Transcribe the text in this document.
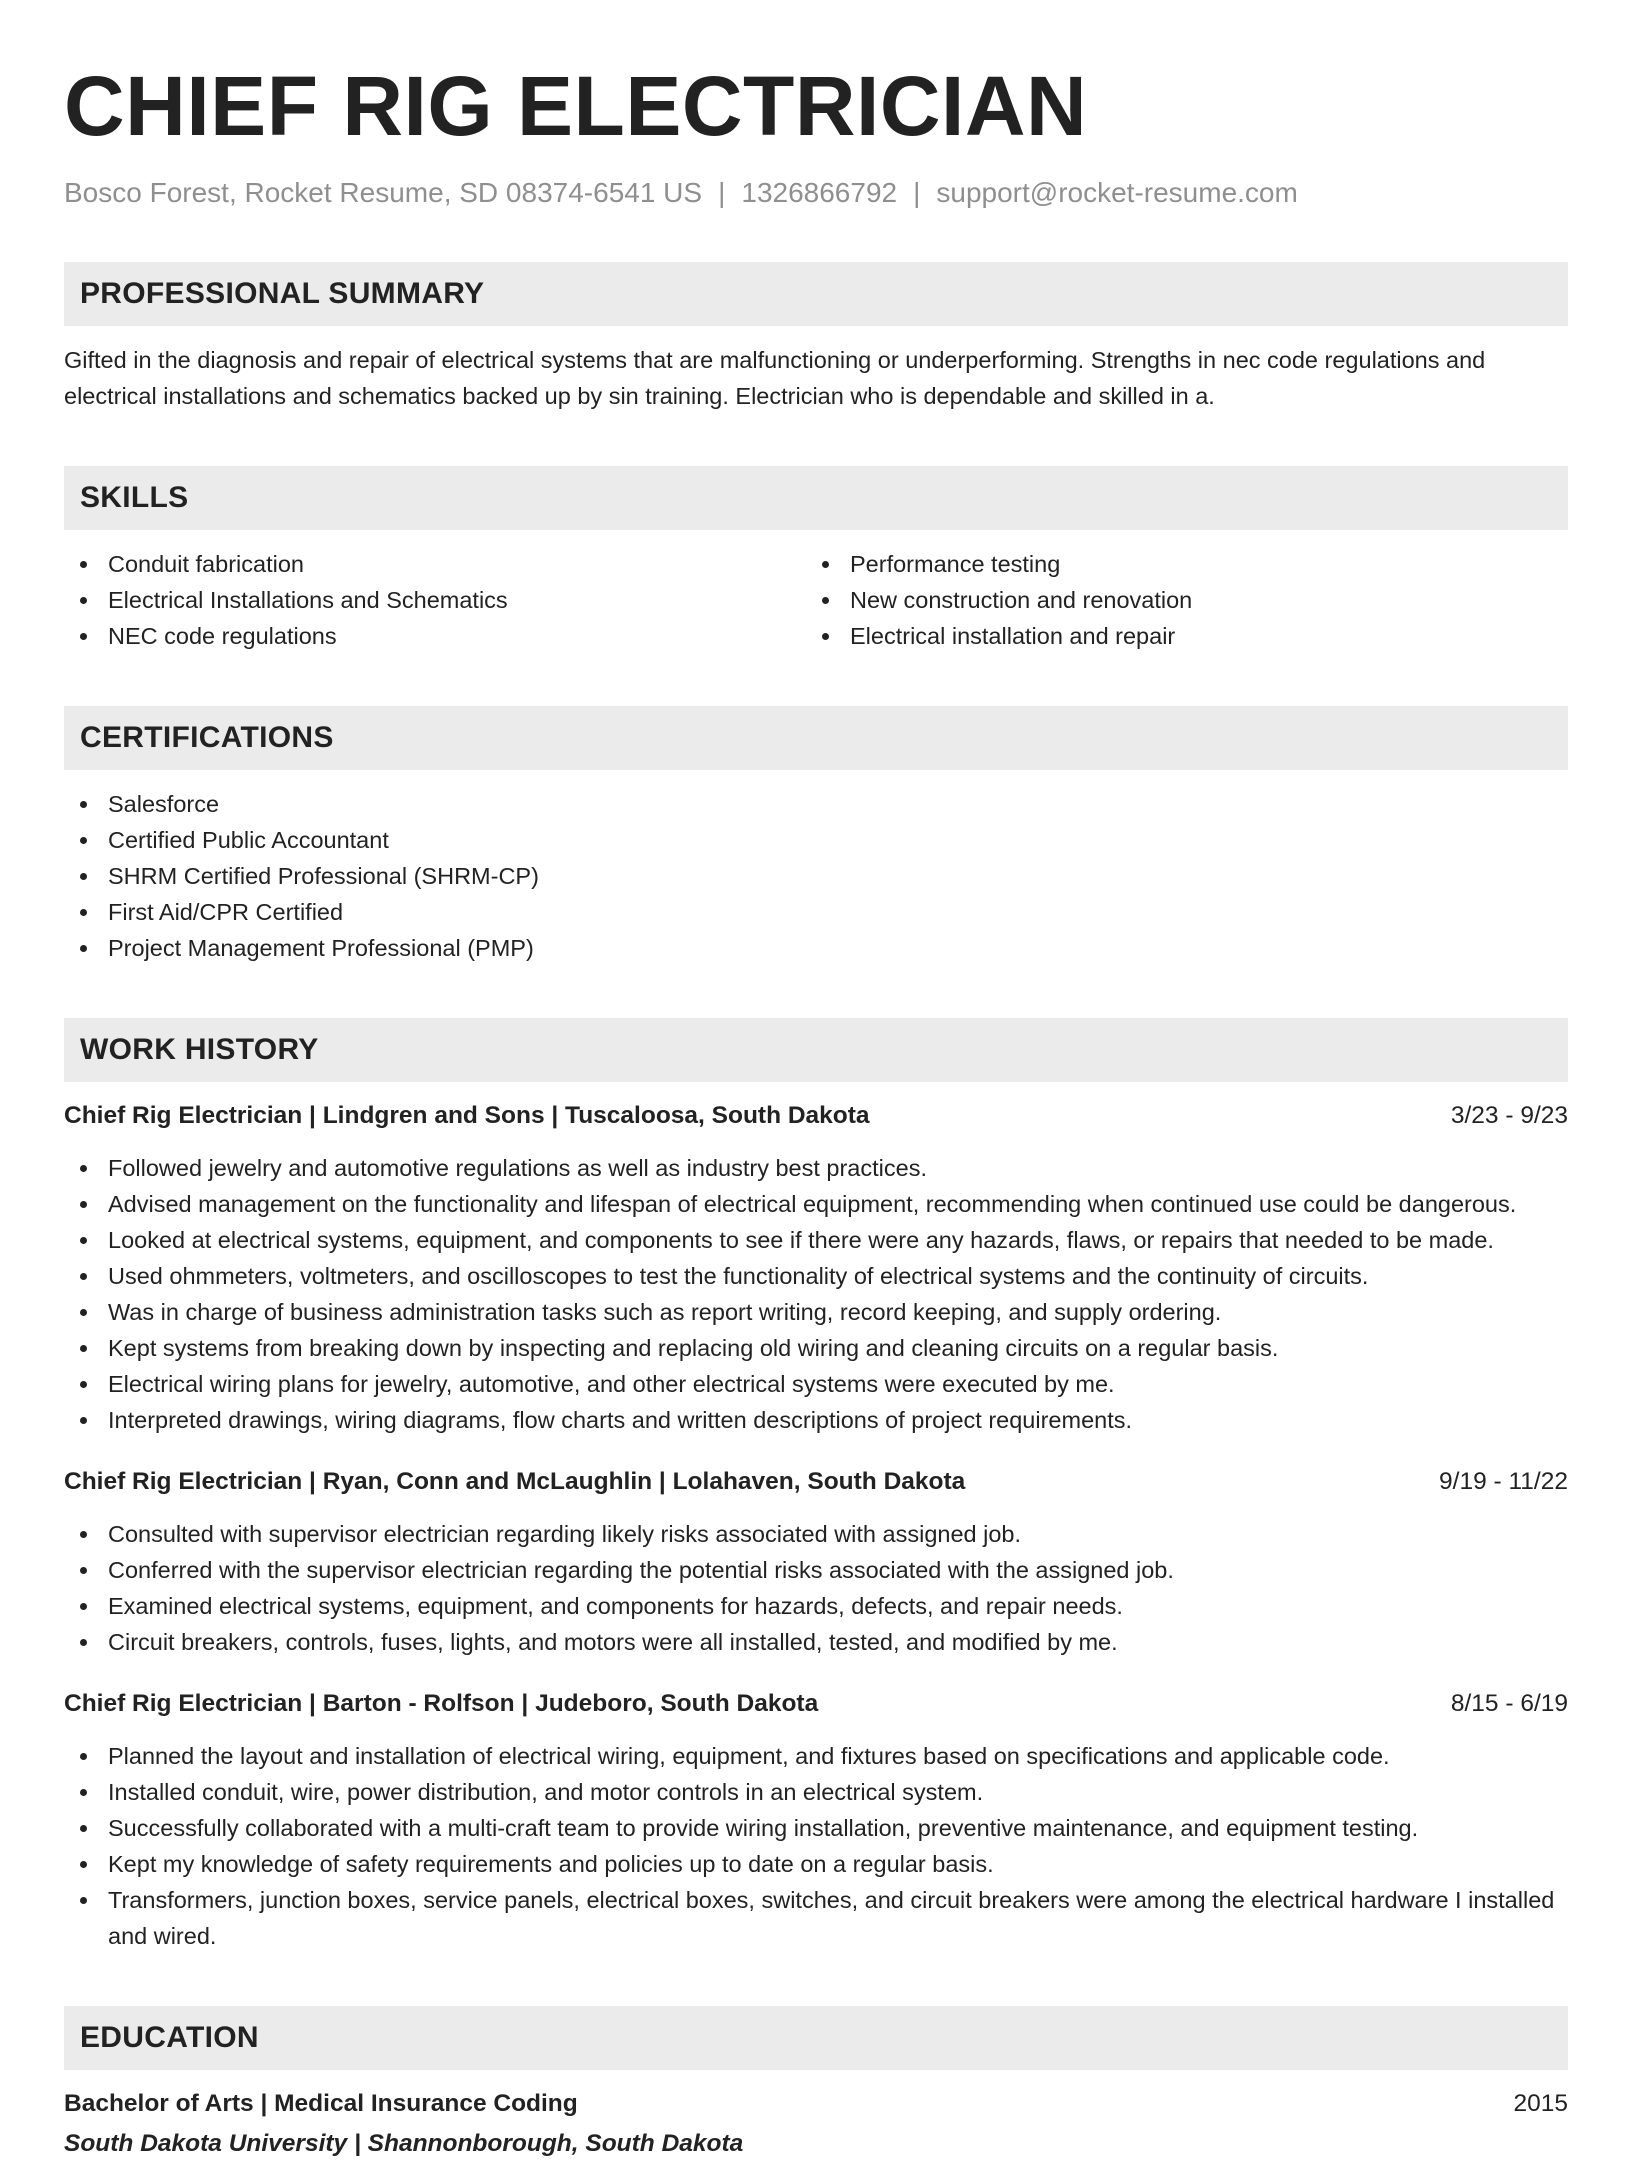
CHIEF RIG ELECTRICIAN
Bosco Forest, Rocket Resume, SD 08374-6541 US | 1326866792 | support@rocket-resume.com
PROFESSIONAL SUMMARY

Gifted in the diagnosis and repair of electrical systems that are malfunctioning or underperforming. Strengths in nec code regulations and electrical installations and schematics backed up by sin training. Electrician who is dependable and skilled in a.

SKILLS
Conduit fabrication
Electrical Installations and Schematics
NEC code regulations
Performance testing
New construction and renovation
Electrical installation and repair
CERTIFICATIONS
Salesforce
Certified Public Accountant
SHRM Certified Professional (SHRM-CP)
First Aid/CPR Certified
Project Management Professional (PMP)
WORK HISTORY
Chief Rig Electrician | Lindgren and Sons | Tuscaloosa, South Dakota	3/23 - 9/23
Followed jewelry and automotive regulations as well as industry best practices.
Advised management on the functionality and lifespan of electrical equipment, recommending when continued use could be dangerous.
Looked at electrical systems, equipment, and components to see if there were any hazards, flaws, or repairs that needed to be made.
Used ohmmeters, voltmeters, and oscilloscopes to test the functionality of electrical systems and the continuity of circuits.
Was in charge of business administration tasks such as report writing, record keeping, and supply ordering.
Kept systems from breaking down by inspecting and replacing old wiring and cleaning circuits on a regular basis.
Electrical wiring plans for jewelry, automotive, and other electrical systems were executed by me.
Interpreted drawings, wiring diagrams, flow charts and written descriptions of project requirements.
Chief Rig Electrician | Ryan, Conn and McLaughlin | Lolahaven, South Dakota	9/19 - 11/22
Consulted with supervisor electrician regarding likely risks associated with assigned job.
Conferred with the supervisor electrician regarding the potential risks associated with the assigned job.
Examined electrical systems, equipment, and components for hazards, defects, and repair needs.
Circuit breakers, controls, fuses, lights, and motors were all installed, tested, and modified by me.
Chief Rig Electrician | Barton - Rolfson | Judeboro, South Dakota	8/15 - 6/19
Planned the layout and installation of electrical wiring, equipment, and fixtures based on specifications and applicable code.
Installed conduit, wire, power distribution, and motor controls in an electrical system.
Successfully collaborated with a multi-craft team to provide wiring installation, preventive maintenance, and equipment testing.
Kept my knowledge of safety requirements and policies up to date on a regular basis.
Transformers, junction boxes, service panels, electrical boxes, switches, and circuit breakers were among the electrical hardware I installed and wired.
EDUCATION
Bachelor of Arts | Medical Insurance Coding	2015
South Dakota University | Shannonborough, South Dakota
